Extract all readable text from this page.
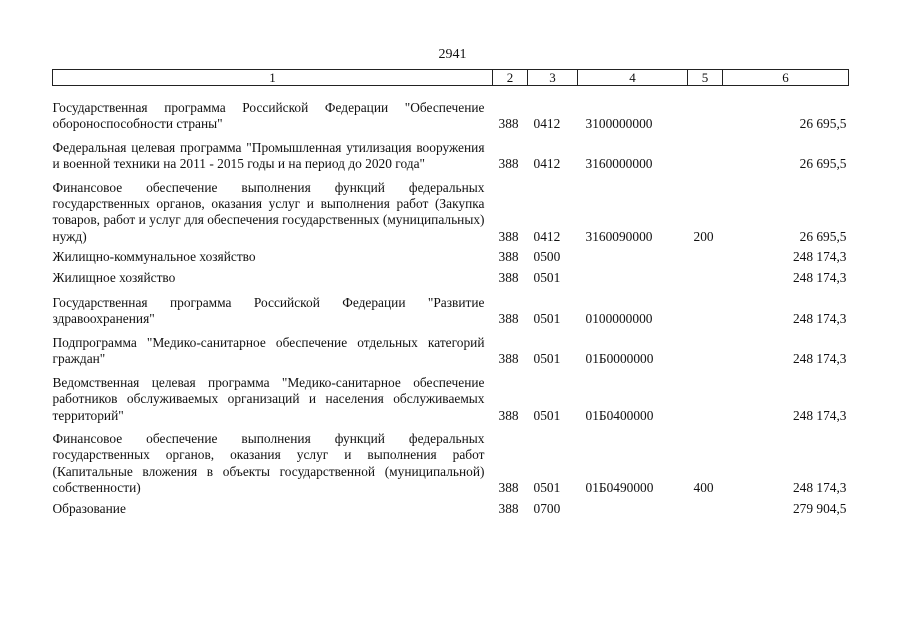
2941
1	2	3	4	5	6

Государственная программа Российской Федерации "Обеспечение обороноспособности страны"	388	0412	3100000000		26 695,5

Федеральная целевая программа "Промышленная утилизация вооружения и военной техники на 2011 - 2015 годы и на период до 2020 года"	388	0412	3160000000		26 695,5

Финансовое обеспечение выполнения функций федеральных государственных органов, оказания услуг и выполнения работ (Закупка товаров, работ и услуг для обеспечения государственных (муниципальных) нужд)	388	0412	3160090000	200	26 695,5

Жилищно-коммунальное хозяйство	388	0500			248 174,3

Жилищное хозяйство	388	0501			248 174,3

Государственная программа Российской Федерации "Развитие здравоохранения"	388	0501	0100000000		248 174,3

Подпрограмма "Медико-санитарное обеспечение отдельных категорий граждан"	388	0501	01Б0000000		248 174,3

Ведомственная целевая программа "Медико-санитарное обеспечение работников обслуживаемых организаций и населения обслуживаемых территорий"	388	0501	01Б0400000		248 174,3

Финансовое обеспечение выполнения функций федеральных государственных органов, оказания услуг и выполнения работ (Капитальные вложения в объекты государственной (муниципальной) собственности)	388	0501	01Б0490000	400	248 174,3

Образование	388	0700			279 904,5
